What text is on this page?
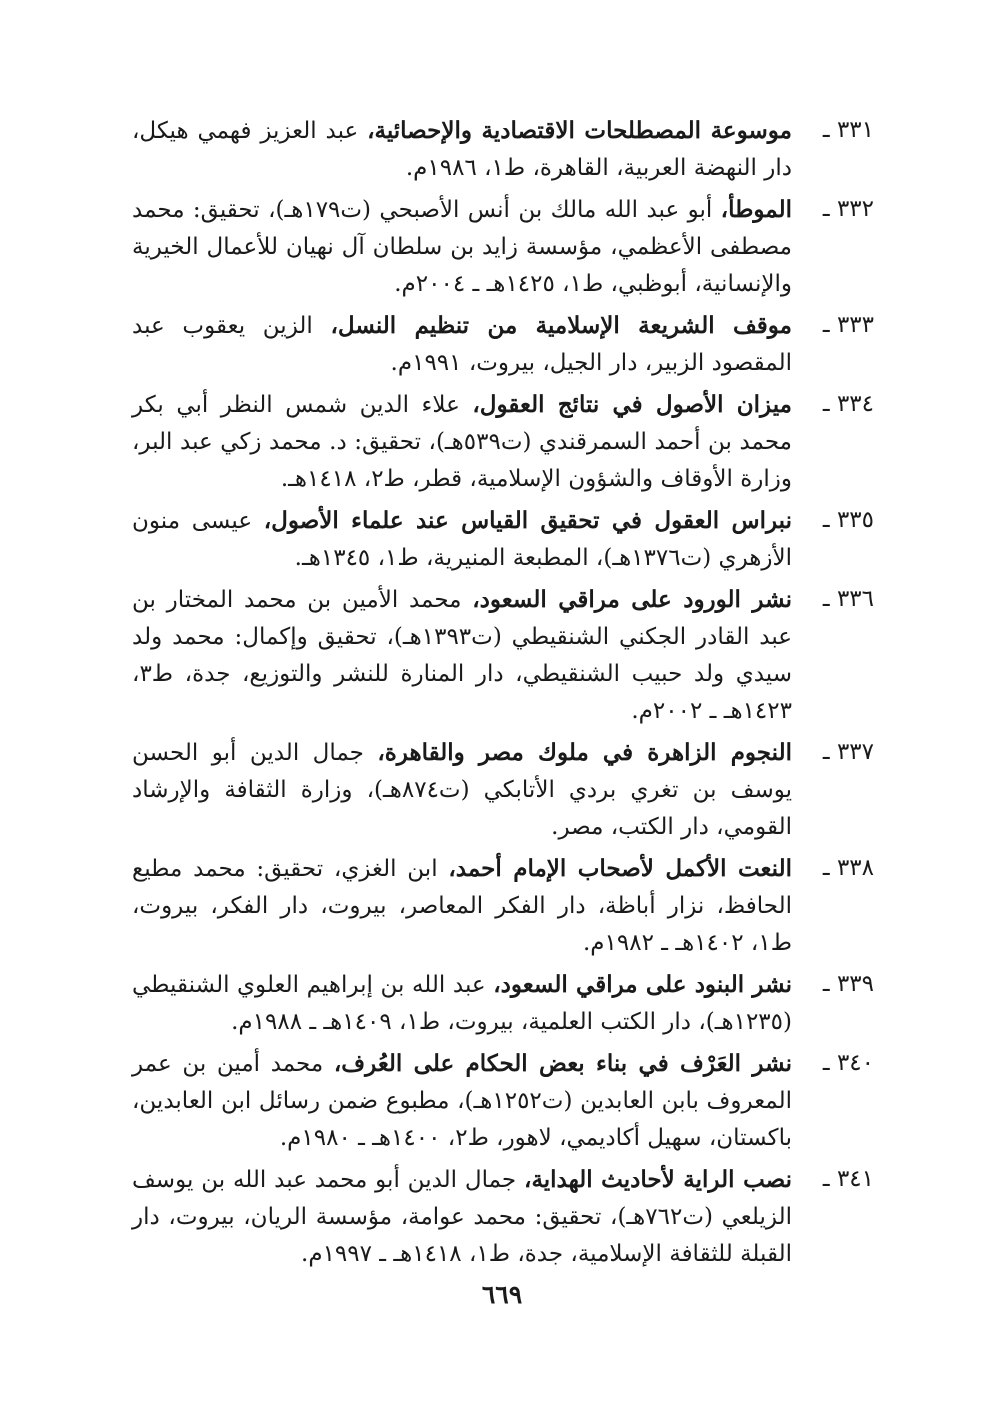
٣٣١ ـ
موسوعة المصطلحات الاقتصادية والإحصائية، عبد العزيز فهمي هيكل، دار النهضة العربية، القاهرة، ط١، ١٩٨٦م.

٣٣٢ ـ
الموطأ، أبو عبد الله مالك بن أنس الأصبحي (ت١٧٩هـ)، تحقيق: محمد مصطفى الأعظمي، مؤسسة زايد بن سلطان آل نهيان للأعمال الخيرية والإنسانية، أبوظبي، ط١، ١٤٢٥هـ ـ ٢٠٠٤م.

٣٣٣ ـ
موقف الشريعة الإسلامية من تنظيم النسل، الزين يعقوب عبد المقصود الزبير، دار الجيل، بيروت، ١٩٩١م.

٣٣٤ ـ
ميزان الأصول في نتائج العقول، علاء الدين شمس النظر أبي بكر محمد بن أحمد السمرقندي (ت٥٣٩هـ)، تحقيق: د. محمد زكي عبد البر، وزارة الأوقاف والشؤون الإسلامية، قطر، ط٢، ١٤١٨هـ.

٣٣٥ ـ
نبراس العقول في تحقيق القياس عند علماء الأصول، عيسى منون الأزهري (ت١٣٧٦هـ)، المطبعة المنيرية، ط١، ١٣٤٥هـ.

٣٣٦ ـ
نشر الورود على مراقي السعود، محمد الأمين بن محمد المختار بن عبد القادر الجكني الشنقيطي (ت١٣٩٣هـ)، تحقيق وإكمال: محمد ولد سيدي ولد حبيب الشنقيطي، دار المنارة للنشر والتوزيع، جدة، ط٣، ١٤٢٣هـ ـ ٢٠٠٢م.

٣٣٧ ـ
النجوم الزاهرة في ملوك مصر والقاهرة، جمال الدين أبو الحسن يوسف بن تغري بردي الأتابكي (ت٨٧٤هـ)، وزارة الثقافة والإرشاد القومي، دار الكتب، مصر.

٣٣٨ ـ
النعت الأكمل لأصحاب الإمام أحمد، ابن الغزي، تحقيق: محمد مطيع الحافظ، نزار أباظة، دار الفكر المعاصر، بيروت، دار الفكر، بيروت، ط١، ١٤٠٢هـ ـ ١٩٨٢م.

٣٣٩ ـ
نشر البنود على مراقي السعود، عبد الله بن إبراهيم العلوي الشنقيطي (١٢٣٥هـ)، دار الكتب العلمية، بيروت، ط١، ١٤٠٩هـ ـ ١٩٨٨م.

٣٤٠ ـ
نشر العَرْف في بناء بعض الحكام على العُرف، محمد أمين بن عمر المعروف بابن العابدين (ت١٢٥٢هـ)، مطبوع ضمن رسائل ابن العابدين، باكستان، سهيل أكاديمي، لاهور، ط٢، ١٤٠٠هـ ـ ١٩٨٠م.

٣٤١ ـ
نصب الراية لأحاديث الهداية، جمال الدين أبو محمد عبد الله بن يوسف الزيلعي (ت٧٦٢هـ)، تحقيق: محمد عوامة، مؤسسة الريان، بيروت، دار القبلة للثقافة الإسلامية، جدة، ط١، ١٤١٨هـ ـ ١٩٩٧م.

٦٦٩
